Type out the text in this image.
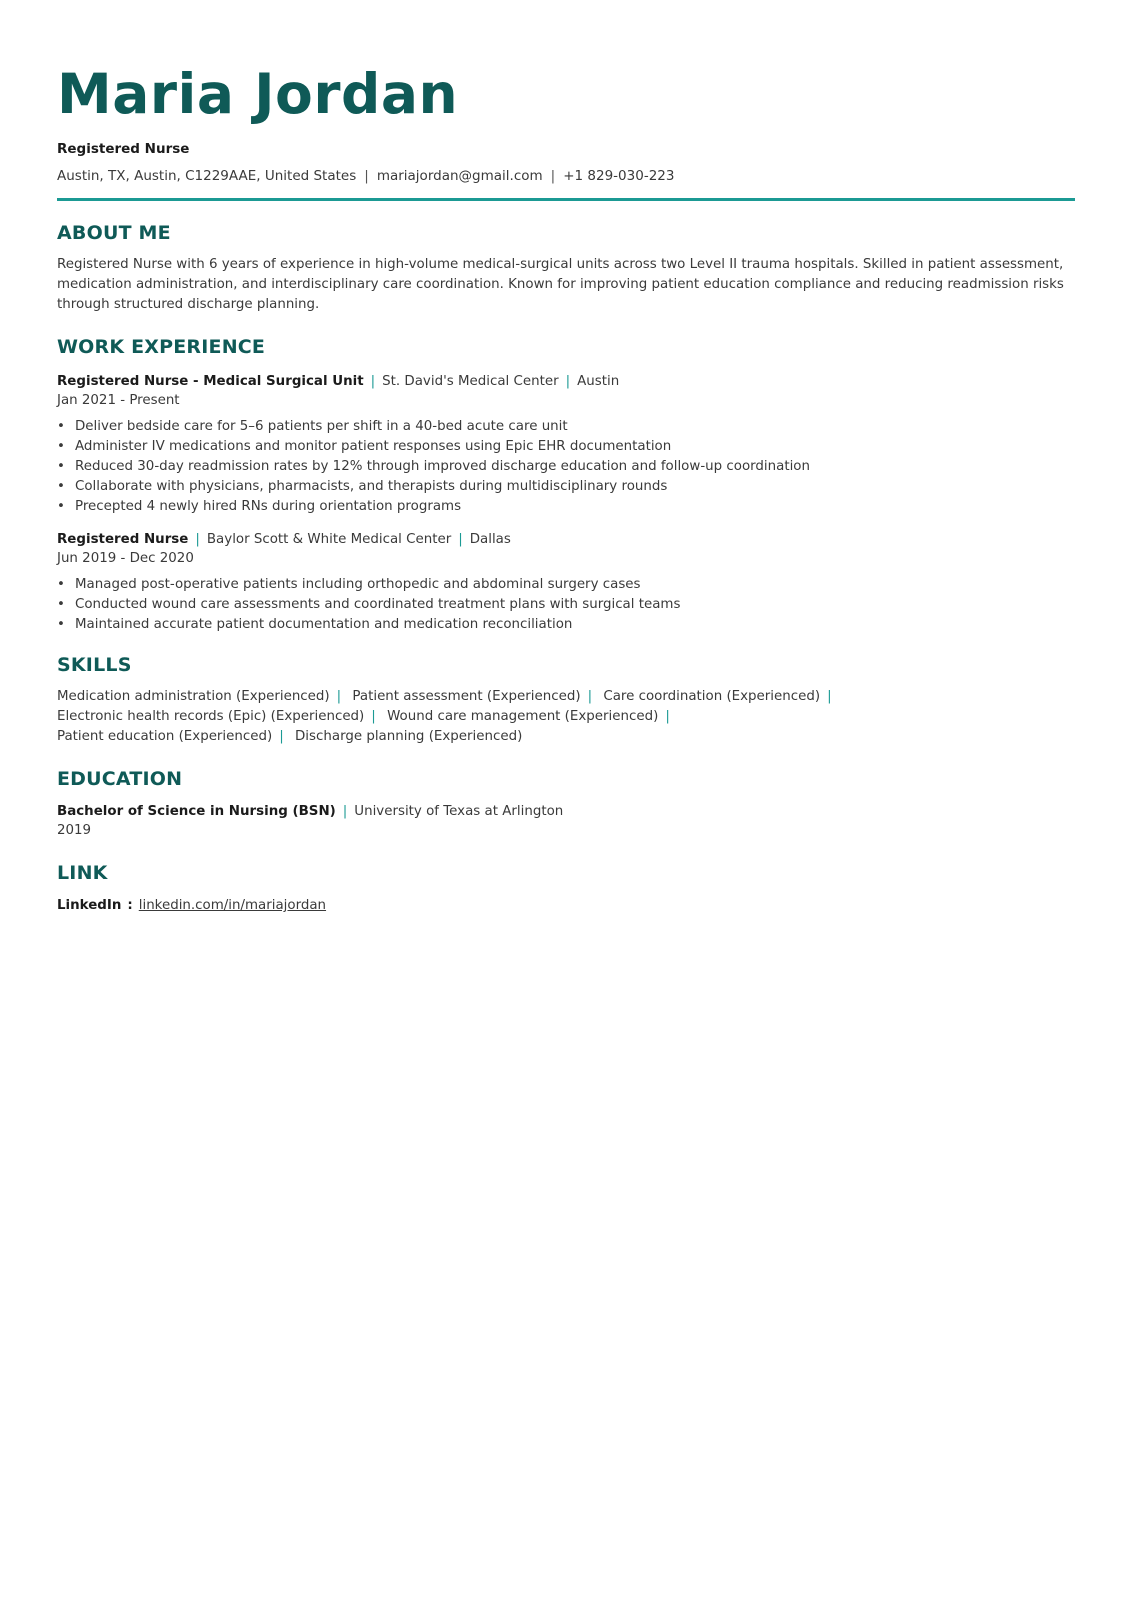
Maria Jordan
Registered Nurse
Austin, TX, Austin, C1229AAE, United States | mariajordan@gmail.com | +1 829-030-223
ABOUT ME
Registered Nurse with 6 years of experience in high-volume medical-surgical units across two Level II trauma hospitals. Skilled in patient assessment, medication administration, and interdisciplinary care coordination. Known for improving patient education compliance and reducing readmission risks through structured discharge planning.
WORK EXPERIENCE
Registered Nurse - Medical Surgical Unit | St. David's Medical Center | Austin
Jan 2021 - Present
• Deliver bedside care for 5–6 patients per shift in a 40-bed acute care unit
• Administer IV medications and monitor patient responses using Epic EHR documentation
• Reduced 30-day readmission rates by 12% through improved discharge education and follow-up coordination
• Collaborate with physicians, pharmacists, and therapists during multidisciplinary rounds
• Precepted 4 newly hired RNs during orientation programs
Registered Nurse | Baylor Scott & White Medical Center | Dallas
Jun 2019 - Dec 2020
• Managed post-operative patients including orthopedic and abdominal surgery cases
• Conducted wound care assessments and coordinated treatment plans with surgical teams
• Maintained accurate patient documentation and medication reconciliation
SKILLS
Medication administration (Experienced) | Patient assessment (Experienced) | Care coordination (Experienced) | Electronic health records (Epic) (Experienced) | Wound care management (Experienced) | Patient education (Experienced) | Discharge planning (Experienced)
EDUCATION
Bachelor of Science in Nursing (BSN) | University of Texas at Arlington
2019
LINK
LinkedIn : linkedin.com/in/mariajordan
